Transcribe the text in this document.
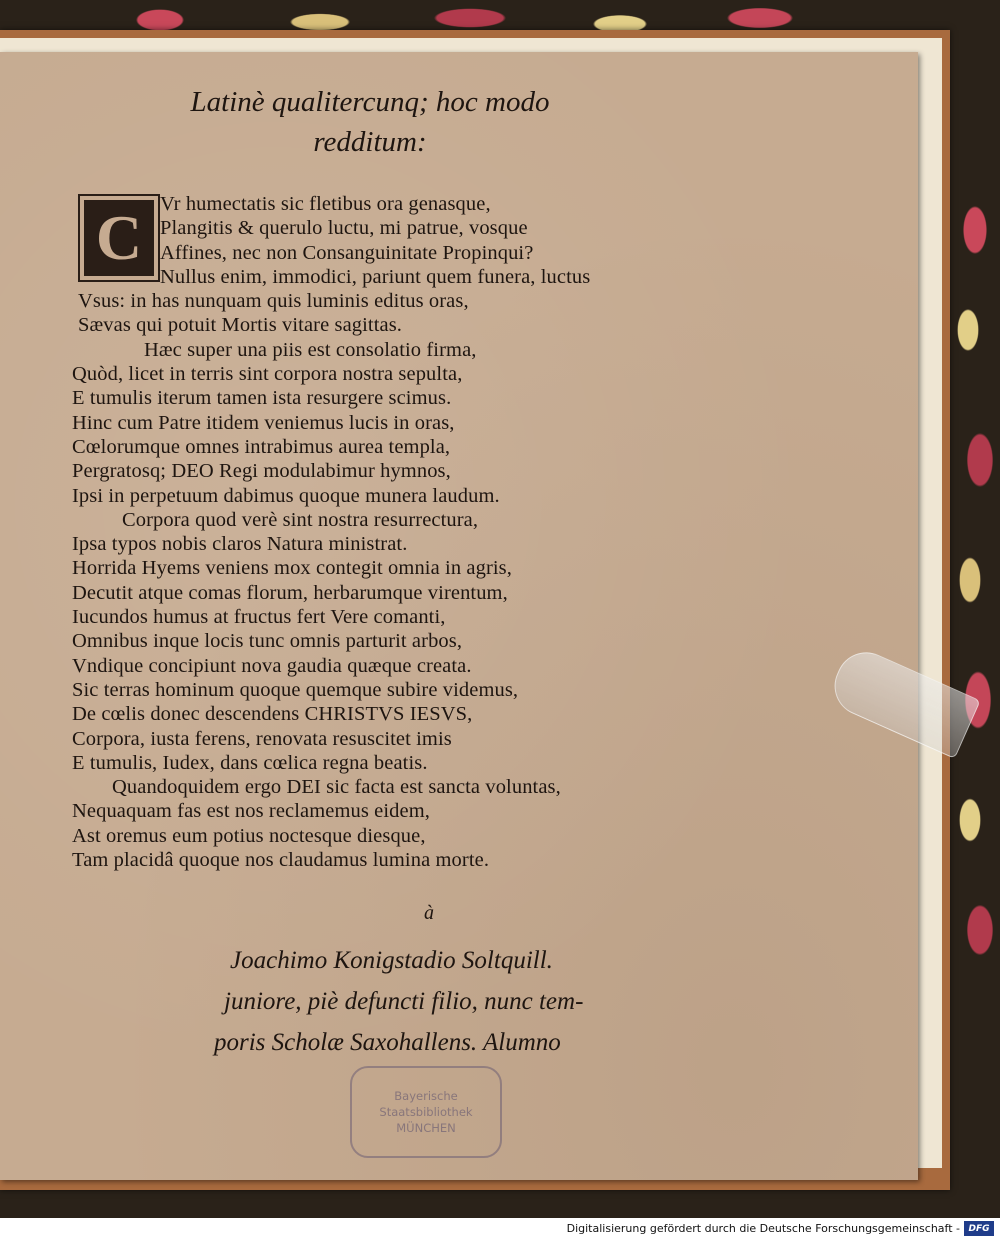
Latinè qualitercunq; hoc modo
redditum:
C Vr humectatis sic fletibus ora genasque,
Plangitis & querulo luctu, mi patrue, vosque
Affines, nec non Consanguinitate Propinqui?
Nullus enim, immodici, pariunt quem funera, luctus
Vsus: in has nunquam quis luminis editus oras,
Sævas qui potuit Mortis vitare sagittas.
Hæc super una piis est consolatio firma,
Quòd, licet in terris sint corpora nostra sepulta,
E tumulis iterum tamen ista resurgere scimus.
Hinc cum Patre itidem veniemus lucis in oras,
Cœlorumque omnes intrabimus aurea templa,
Pergratosq; DEO Regi modulabimur hymnos,
Ipsi in perpetuum dabimus quoque munera laudum.
Corpora quod verè sint nostra resurrectura,
Ipsa typos nobis claros Natura ministrat.
Horrida Hyems veniens mox contegit omnia in agris,
Decutit atque comas florum, herbarumque virentum,
Iucundos humus at fructus fert Vere comanti,
Omnibus inque locis tunc omnis parturit arbos,
Vndique concipiunt nova gaudia quæque creata.
Sic terras hominum quoque quemque subire videmus,
De cœlis donec descendens CHRISTVS IESVS,
Corpora, iusta ferens, renovata resuscitet imis
E tumulis, Iudex, dans cœlica regna beatis.
Quandoquidem ergo DEI sic facta est sancta voluntas,
Nequaquam fas est nos reclamemus eidem,
Ast oremus eum potius noctesque diesque,
Tam placidâ quoque nos claudamus lumina morte.
à
Joachimo Konigstadio Soltquill.
juniore, piè defuncti filio, nunc tem-
poris Scholæ Saxohallens. Alumno
Bayerische
Staatsbibliothek
MÜNCHEN
Digitalisierung gefördert durch die Deutsche Forschungsgemeinschaft - DFG
